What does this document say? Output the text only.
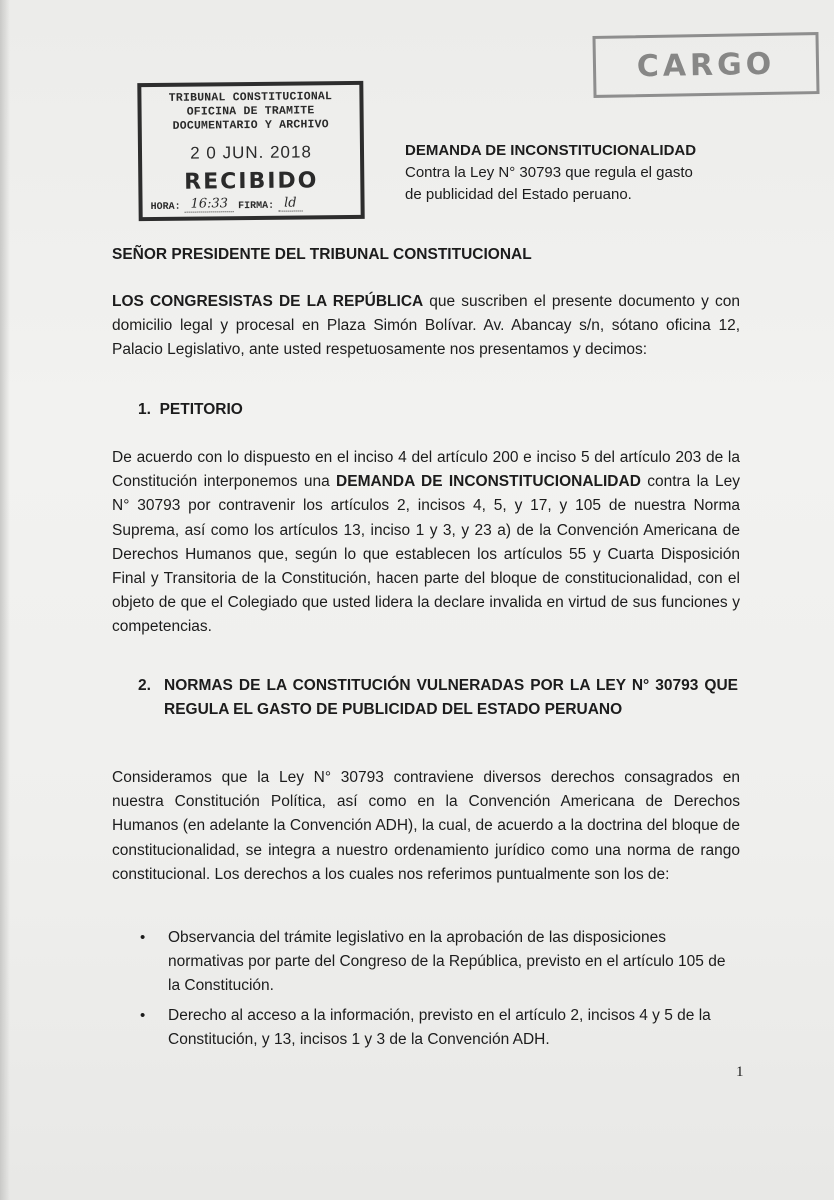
CARGO
TRIBUNAL CONSTITUCIONAL
OFICINA DE TRAMITE
DOCUMENTARIO Y ARCHIVO
2 0 JUN. 2018
RECIBIDO
HORA: 16:33 FIRMA: ld
DEMANDA DE INCONSTITUCIONALIDAD
Contra la Ley N° 30793 que regula el gasto
de publicidad del Estado peruano.
SEÑOR PRESIDENTE DEL TRIBUNAL CONSTITUCIONAL
LOS CONGRESISTAS DE LA REPÚBLICA que suscriben el presente documento y con domicilio legal y procesal en Plaza Simón Bolívar. Av. Abancay s/n, sótano oficina 12, Palacio Legislativo, ante usted respetuosamente nos presentamos y decimos:
1. PETITORIO
De acuerdo con lo dispuesto en el inciso 4 del artículo 200 e inciso 5 del artículo 203 de la Constitución interponemos una DEMANDA DE INCONSTITUCIONALIDAD contra la Ley N° 30793 por contravenir los artículos 2, incisos 4, 5, y 17, y 105 de nuestra Norma Suprema, así como los artículos 13, inciso 1 y 3, y 23 a) de la Convención Americana de Derechos Humanos que, según lo que establecen los artículos 55 y Cuarta Disposición Final y Transitoria de la Constitución, hacen parte del bloque de constitucionalidad, con el objeto de que el Colegiado que usted lidera la declare invalida en virtud de sus funciones y competencias.
2. NORMAS DE LA CONSTITUCIÓN VULNERADAS POR LA LEY N° 30793 QUE REGULA EL GASTO DE PUBLICIDAD DEL ESTADO PERUANO
Consideramos que la Ley N° 30793 contraviene diversos derechos consagrados en nuestra Constitución Política, así como en la Convención Americana de Derechos Humanos (en adelante la Convención ADH), la cual, de acuerdo a la doctrina del bloque de constitucionalidad, se integra a nuestro ordenamiento jurídico como una norma de rango constitucional. Los derechos a los cuales nos referimos puntualmente son los de:
• Observancia del trámite legislativo en la aprobación de las disposiciones normativas por parte del Congreso de la República, previsto en el artículo 105 de la Constitución.
• Derecho al acceso a la información, previsto en el artículo 2, incisos 4 y 5 de la Constitución, y 13, incisos 1 y 3 de la Convención ADH.
1
